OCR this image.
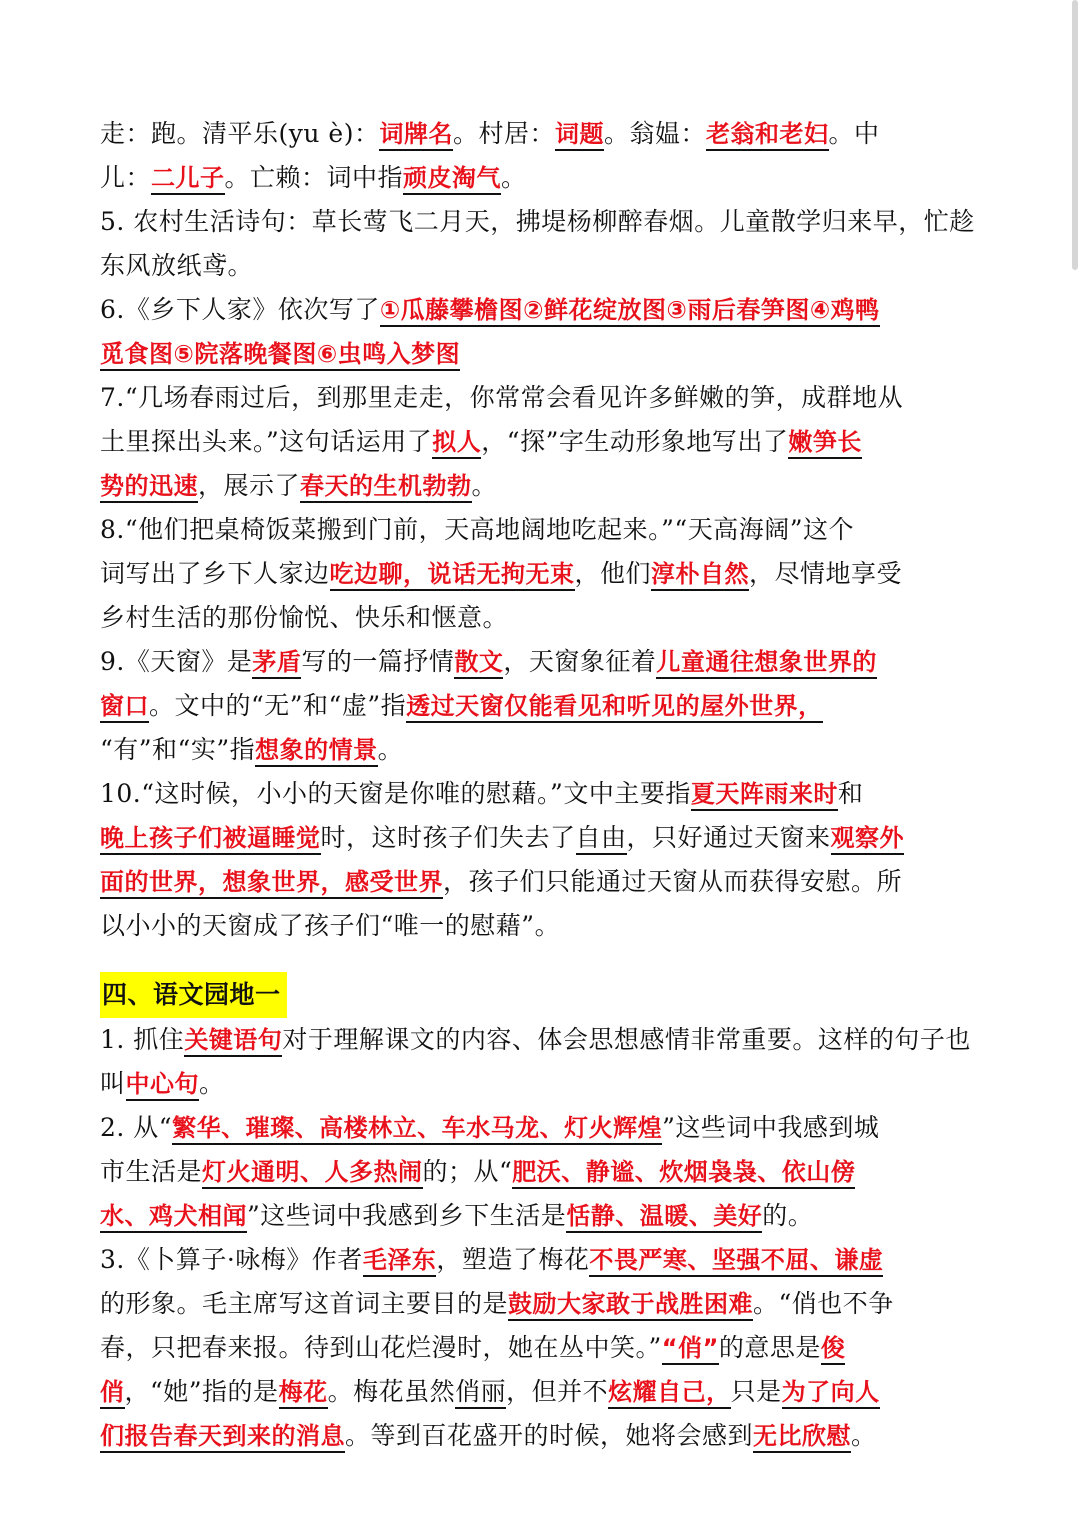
走：跑。清平乐(yu è)：词牌名。村居：词题。翁媪：老翁和老妇。中
儿：二儿子。亡赖：词中指顽皮淘气。
5. 农村生活诗句：草长莺飞二月天，拂堤杨柳醉春烟。儿童散学归来早，忙趁
东风放纸鸢。
6.《乡下人家》依次写了①瓜藤攀檐图②鲜花绽放图③雨后春笋图④鸡鸭
觅食图⑤院落晚餐图⑥虫鸣入梦图
7.“几场春雨过后，到那里走走，你常常会看见许多鲜嫩的笋，成群地从
土里探出头来。”这句话运用了拟人，“探”字生动形象地写出了嫩笋长
势的迅速，展示了春天的生机勃勃。
8.“他们把桌椅饭菜搬到门前，天高地阔地吃起来。”“天高海阔”这个
词写出了乡下人家边吃边聊，说话无拘无束，他们淳朴自然，尽情地享受
乡村生活的那份愉悦、快乐和惬意。
9.《天窗》是茅盾写的一篇抒情散文，天窗象征着儿童通往想象世界的
窗口。文中的“无”和“虚”指透过天窗仅能看见和听见的屋外世界，
“有”和“实”指想象的情景。
10.“这时候，小小的天窗是你唯的慰藉。”文中主要指夏天阵雨来时和
晚上孩子们被逼睡觉时，这时孩子们失去了自由，只好通过天窗来观察外
面的世界，想象世界，感受世界，孩子们只能通过天窗从而获得安慰。所
以小小的天窗成了孩子们“唯一的慰藉”。
四、语文园地一
1. 抓住关键语句对于理解课文的内容、体会思想感情非常重要。这样的句子也
叫中心句。
2. 从“繁华、璀璨、高楼林立、车水马龙、灯火辉煌”这些词中我感到城
市生活是灯火通明、人多热闹的；从“肥沃、静谧、炊烟袅袅、依山傍
水、鸡犬相闻”这些词中我感到乡下生活是恬静、温暖、美好的。
3.《卜算子·咏梅》作者毛泽东，塑造了梅花不畏严寒、坚强不屈、谦虚
的形象。毛主席写这首词主要目的是鼓励大家敢于战胜困难。“俏也不争
春，只把春来报。待到山花烂漫时，她在丛中笑。”“俏”的意思是俊
俏，“她”指的是梅花。梅花虽然俏丽，但并不炫耀自己，只是为了向人
们报告春天到来的消息。等到百花盛开的时候，她将会感到无比欣慰。
